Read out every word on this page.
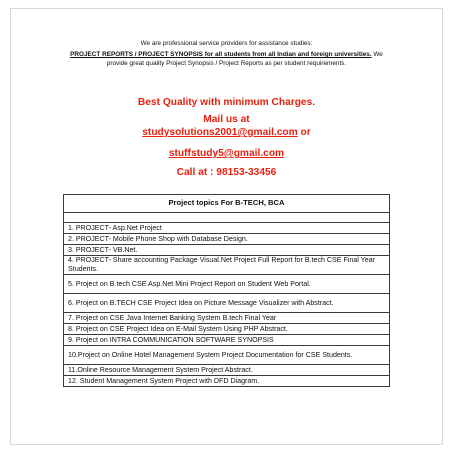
We are professional service providers for assistance studies:

PROJECT REPORTS / PROJECT SYNOPSIS for all students from all Indian and foreign universities. We provide great quality Project Synopsis / Project Reports as per student requirements.

Best Quality with minimum Charges.
Mail us at
studysolutions2001@gmail.com or
stuffstudy5@gmail.com
Call at : 98153-33456
Project topics For B-TECH, BCA

1. PROJECT- Asp.Net Project
2. PROJECT- Mobile Phone Shop with Database Design.
3. PROJECT- VB.Net.
4. PROJECT- Share accounting Package Visual.Net Project Full Report for B.tech CSE Final Year Students.
5. Project on B.tech CSE Asp.Net Mini Project Report on Student Web Portal.
6. Project on B.TECH CSE Project Idea on Picture Message Visualizer with Abstract.
7. Project on CSE Java Internet Banking System B.tech Final Year
8. Project on CSE Project Idea on E-Mail System Using PHP Abstract.
9. Project on INTRA COMMUNICATION SOFTWARE SYNOPSIS
10.Project on Online Hotel Management System Project Documentation for CSE Students.
11.Online Resource Management System Project Abstract.
12. Student Management System Project with DFD Diagram.
